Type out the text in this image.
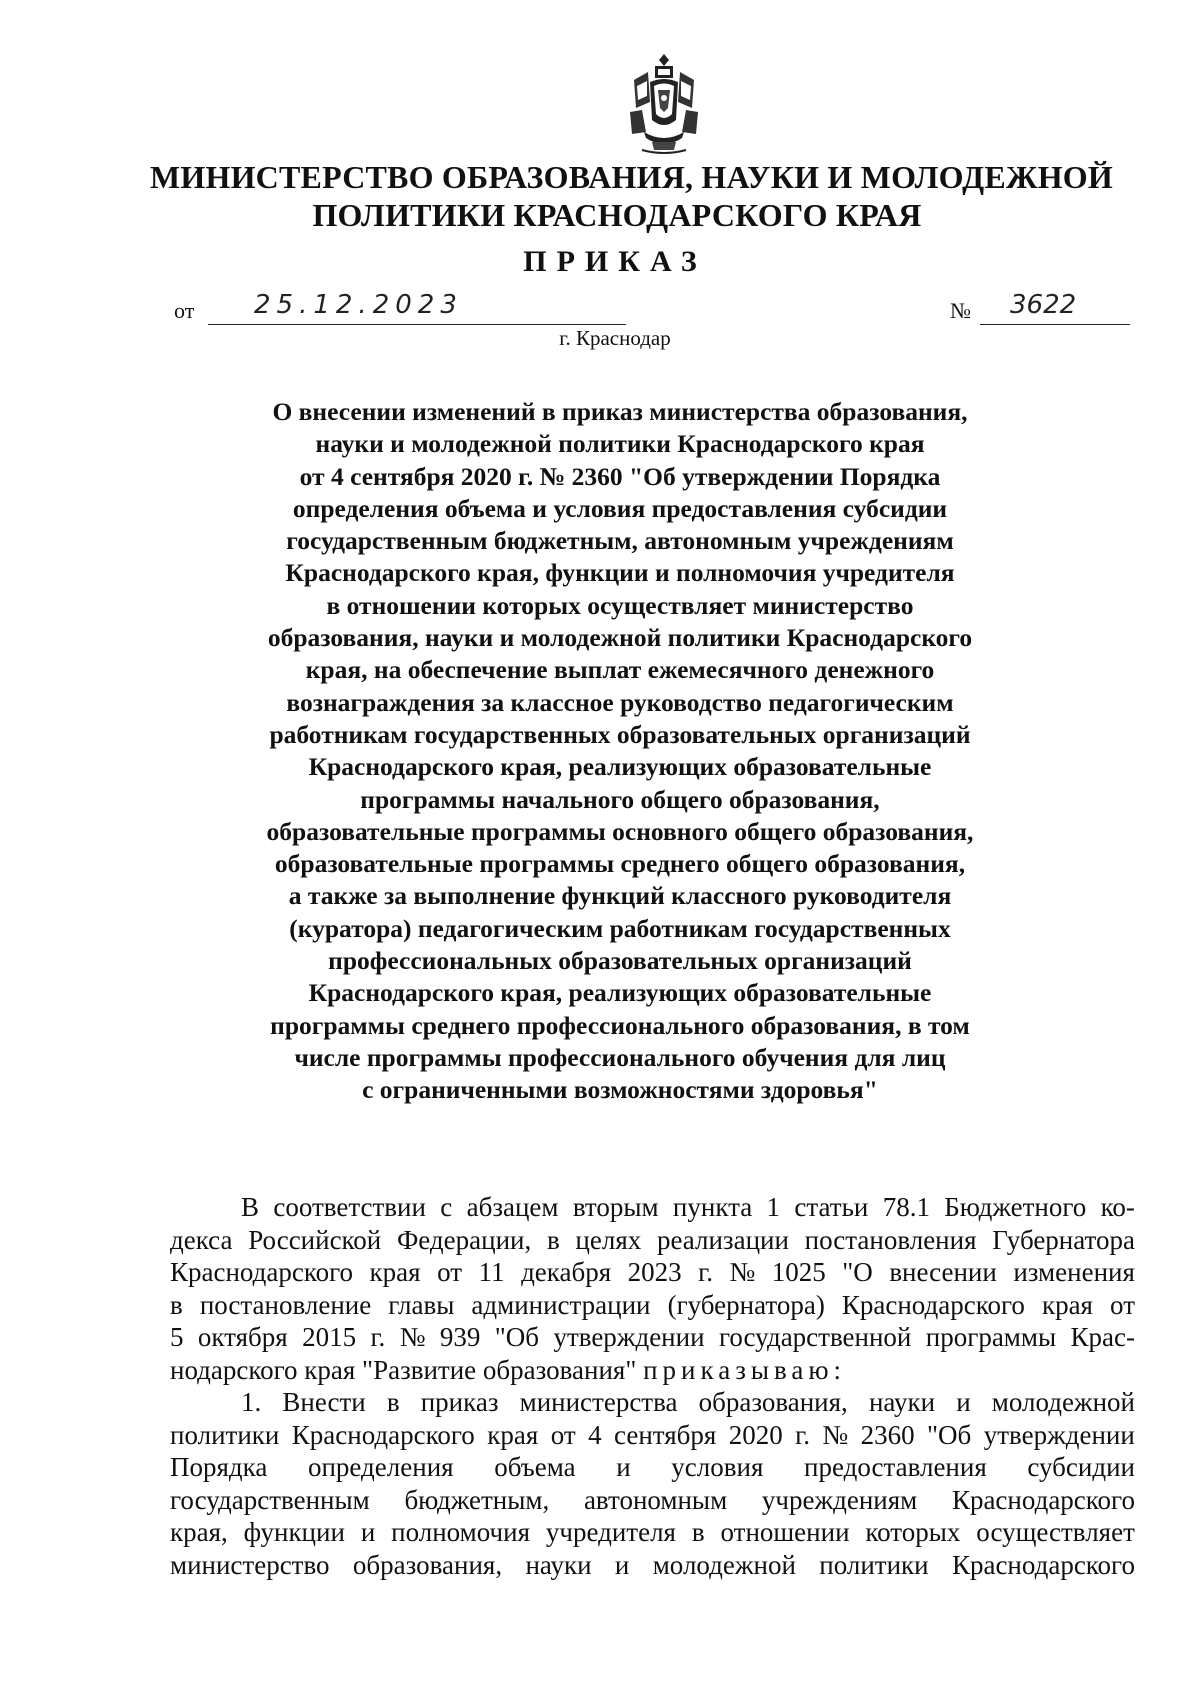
МИНИСТЕРСТВО ОБРАЗОВАНИЯ, НАУКИ И МОЛОДЕЖНОЙ
ПОЛИТИКИ КРАСНОДАРСКОГО КРАЯ
ПРИКАЗ
от 25.12.2023	№ 3622
г. Краснодар
О внесении изменений в приказ министерства образования,
науки и молодежной политики Краснодарского края
от 4 сентября 2020 г. № 2360 "Об утверждении Порядка
определения объема и условия предоставления субсидии
государственным бюджетным, автономным учреждениям
Краснодарского края, функции и полномочия учредителя
в отношении которых осуществляет министерство
образования, науки и молодежной политики Краснодарского
края, на обеспечение выплат ежемесячного денежного
вознаграждения за классное руководство педагогическим
работникам государственных образовательных организаций
Краснодарского края, реализующих образовательные
программы начального общего образования,
образовательные программы основного общего образования,
образовательные программы среднего общего образования,
а также за выполнение функций классного руководителя
(куратора) педагогическим работникам государственных
профессиональных образовательных организаций
Краснодарского края, реализующих образовательные
программы среднего профессионального образования, в том
числе программы профессионального обучения для лиц
с ограниченными возможностями здоровья"
В соответствии с абзацем вторым пункта 1 статьи 78.1 Бюджетного ко-
декса Российской Федерации, в целях реализации постановления Губернатора
Краснодарского края от 11 декабря 2023 г. № 1025 "О внесении изменения
в постановление главы администрации (губернатора) Краснодарского края от
5 октября 2015 г. № 939 "Об утверждении государственной программы Крас-
нодарского края "Развитие образования"
приказываю:
1. Внести в приказ министерства образования, науки и молодежной
политики Краснодарского края от 4 сентября 2020 г. № 2360 "Об утверждении
Порядка определения объема и условия предоставления субсидии
государственным бюджетным, автономным учреждениям Краснодарского
края, функции и полномочия учредителя в отношении которых осуществляет
министерство образования, науки и молодежной политики Краснодарского
